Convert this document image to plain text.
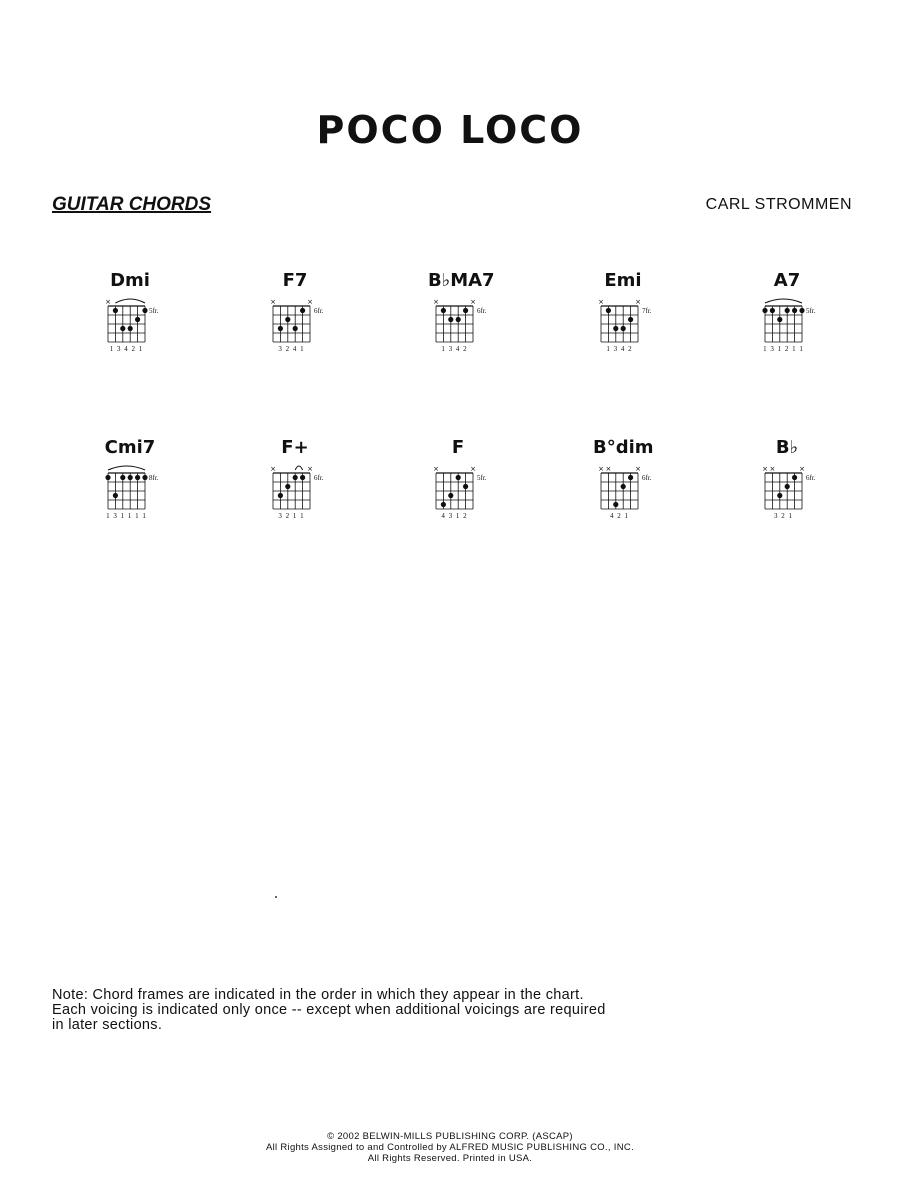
POCO LOCO
GUITAR CHORDS	CARL STROMMEN
Dmi
×
5fr.
1 3 4 2 1
F7
×	×
6fr.
3 2 4 1
B♭MA7
×	×
6fr.
1 3 4 2
Emi
×	×
7fr.
1 3 4 2
A7
5fr.
1 3 1 2 1 1
Cmi7
8fr.
1 3 1 1 1 1
F+
×	×
6fr.
3 2 1 1
F
×	×
5fr.
4 3 1 2
B°dim
× ×	×
6fr.
4 2 1
B♭
× ×	×
6fr.
3 2 1
Note: Chord frames are indicated in the order in which they appear in the chart.
Each voicing is indicated only once -- except when additional voicings are required
in later sections.
© 2002 BELWIN-MILLS PUBLISHING CORP. (ASCAP)
All Rights Assigned to and Controlled by ALFRED MUSIC PUBLISHING CO., INC.
All Rights Reserved. Printed in USA.
